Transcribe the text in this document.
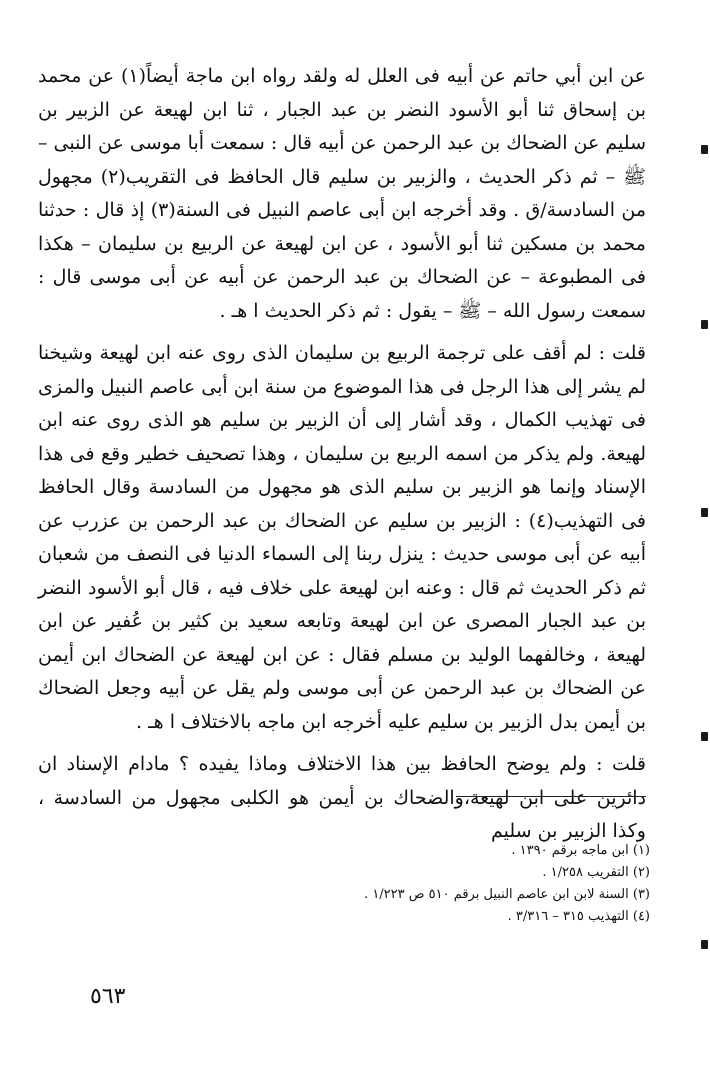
عن ابن أبي حاتم عن أبيه فى العلل له ولقد رواه ابن ماجة أيضاً(١) عن محمد بن إسحاق ثنا أبو الأسود النضر بن عبد الجبار ، ثنا ابن لهيعة عن الزبير بن سليم عن الضحاك بن عبد الرحمن عن أبيه قال : سمعت أبا موسى عن النبى – ﷺ – ثم ذكر الحديث ، والزبير بن سليم قال الحافظ فى التقريب(٢) مجهول من السادسة/ق . وقد أخرجه ابن أبى عاصم النبيل فى السنة(٣) إذ قال : حدثنا محمد بن مسكين ثنا أبو الأسود ، عن ابن لهيعة عن الربيع بن سليمان – هكذا فى المطبوعة – عن الضحاك بن عبد الرحمن عن أبيه عن أبى موسى قال : سمعت رسول الله – ﷺ – يقول : ثم ذكر الحديث ا هـ .

قلت : لم أقف على ترجمة الربيع بن سليمان الذى روى عنه ابن لهيعة وشيخنا لم يشر إلى هذا الرجل فى هذا الموضوع من سنة ابن أبى عاصم النبيل والمزى فى تهذيب الكمال ، وقد أشار إلى أن الزبير بن سليم هو الذى روى عنه ابن لهيعة. ولم يذكر من اسمه الربيع بن سليمان ، وهذا تصحيف خطير وقع فى هذا الإسناد وإنما هو الزبير بن سليم الذى هو مجهول من السادسة وقال الحافظ فى التهذيب(٤) : الزبير بن سليم عن الضحاك بن عبد الرحمن بن عزرب عن أبيه عن أبى موسى حديث : ينزل ربنا إلى السماء الدنيا فى النصف من شعبان ثم ذكر الحديث ثم قال : وعنه ابن لهيعة على خلاف فيه ، قال أبو الأسود النضر بن عبد الجبار المصرى عن ابن لهيعة وتابعه سعيد بن كثير بن عُفير عن ابن لهيعة ، وخالفهما الوليد بن مسلم فقال : عن ابن لهيعة عن الضحاك ابن أيمن عن الضحاك بن عبد الرحمن عن أبى موسى ولم يقل عن أبيه وجعل الضحاك بن أيمن بدل الزبير بن سليم عليه أخرجه ابن ماجه بالاختلاف ا هـ .

قلت : ولم يوضح الحافظ بين هذا الاختلاف وماذا يفيده ؟ مادام الإسناد ان دائرين على ابن لهيعة،والضحاك بن أيمن هو الكلبى مجهول من السادسة ، وكذا الزبير بن سليم

(١) ابن ماجه برقم ١٣٩٠ .
(٢) التقريب ١/٢٥٨ .
(٣) السنة لابن ابن عاصم النبيل برقم ٥١٠ ص ١/٢٢٣ .
(٤) التهذيب ٣١٥ – ٣/٣١٦ .
٥٦٣
